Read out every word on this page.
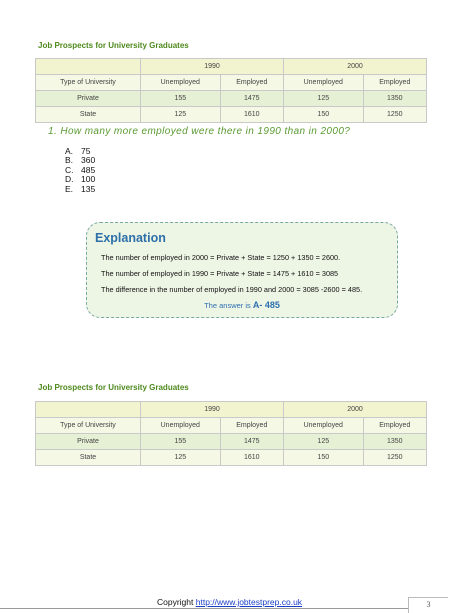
Job Prospects for University Graduates
	1990		2000	
Type of University	Unemployed	Employed	Unemployed	Employed
Private	155	1475	125	1350
State	125	1610	150	1250
1. How many more employed were there in 1990 than in 2000?
A. 75
B. 360
C. 485
D. 100
E. 135
Explanation
The number of employed in 2000 = Private + State = 1250 + 1350 = 2600.
The number of employed in 1990 = Private + State = 1475 + 1610 = 3085
The difference in the number of employed in 1990 and 2000 = 3085 -2600 = 485.
The answer is A- 485
Job Prospects for University Graduates
	1990		2000	
Type of University	Unemployed	Employed	Unemployed	Employed
Private	155	1475	125	1350
State	125	1610	150	1250
Copyright http://www.jobtestprep.co.uk	3
